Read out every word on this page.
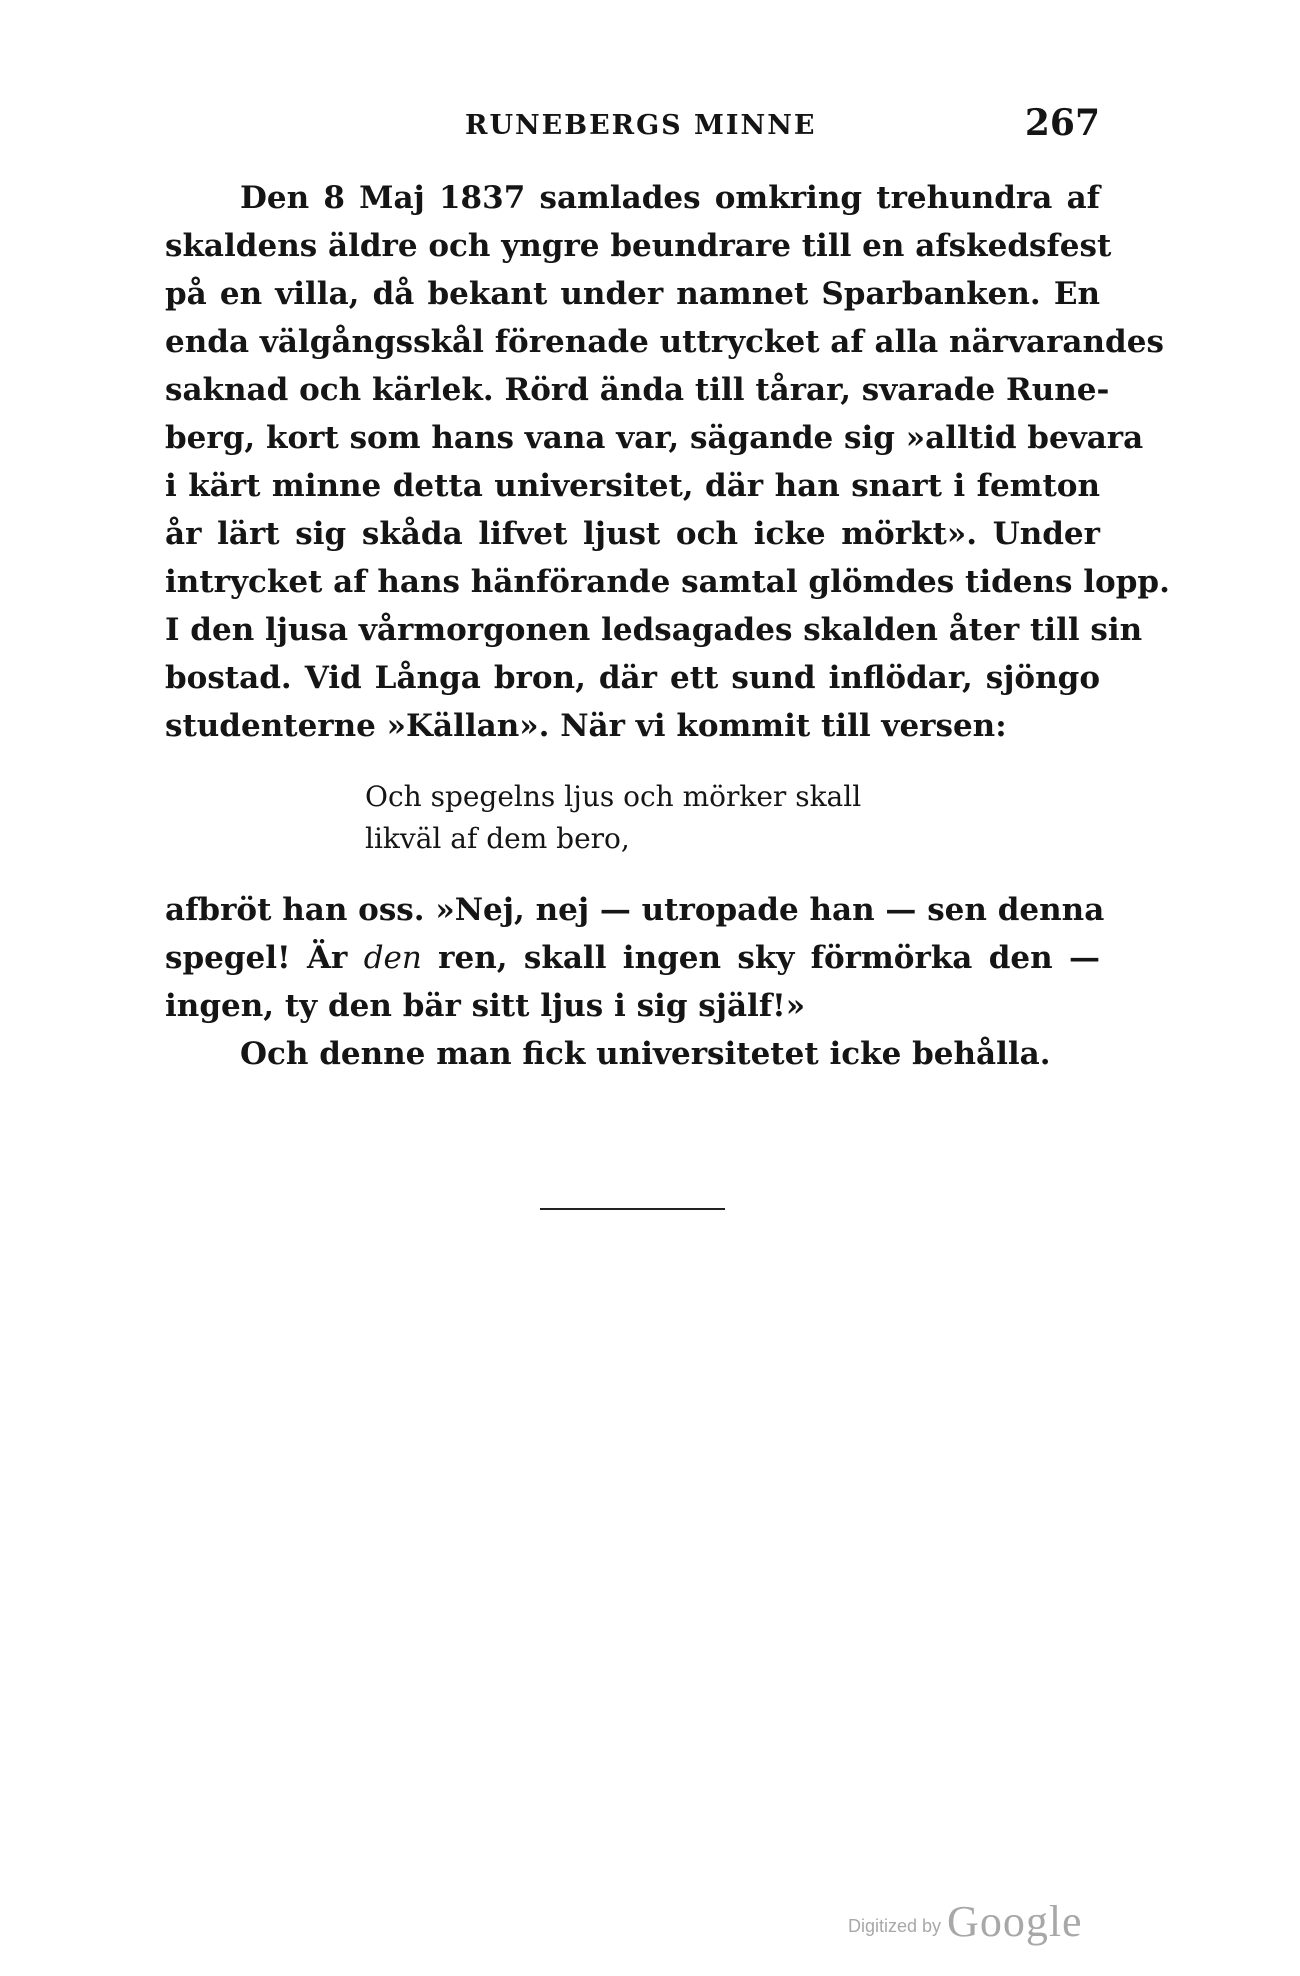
RUNEBERGS MINNE	267
Den 8 Maj 1837 samlades omkring trehundra af
skaldens äldre och yngre beundrare till en afskedsfest
på en villa, då bekant under namnet Sparbanken. En
enda välgångsskål förenade uttrycket af alla närvarandes
saknad och kärlek. Rörd ända till tårar, svarade Rune-
berg, kort som hans vana var, sägande sig »alltid bevara
i kärt minne detta universitet, där han snart i femton
år lärt sig skåda lifvet ljust och icke mörkt». Under
intrycket af hans hänförande samtal glömdes tidens lopp.
I den ljusa vårmorgonen ledsagades skalden åter till sin
bostad. Vid Långa bron, där ett sund inflödar, sjöngo
studenterne »Källan». När vi kommit till versen:
Och spegelns ljus och mörker skall
likväl af dem bero,
afbröt han oss. »Nej, nej — utropade han — sen denna
spegel! Är den ren, skall ingen sky förmörka den —
ingen, ty den bär sitt ljus i sig själf!»
Och denne man fick universitetet icke behålla.
Digitized by Google
